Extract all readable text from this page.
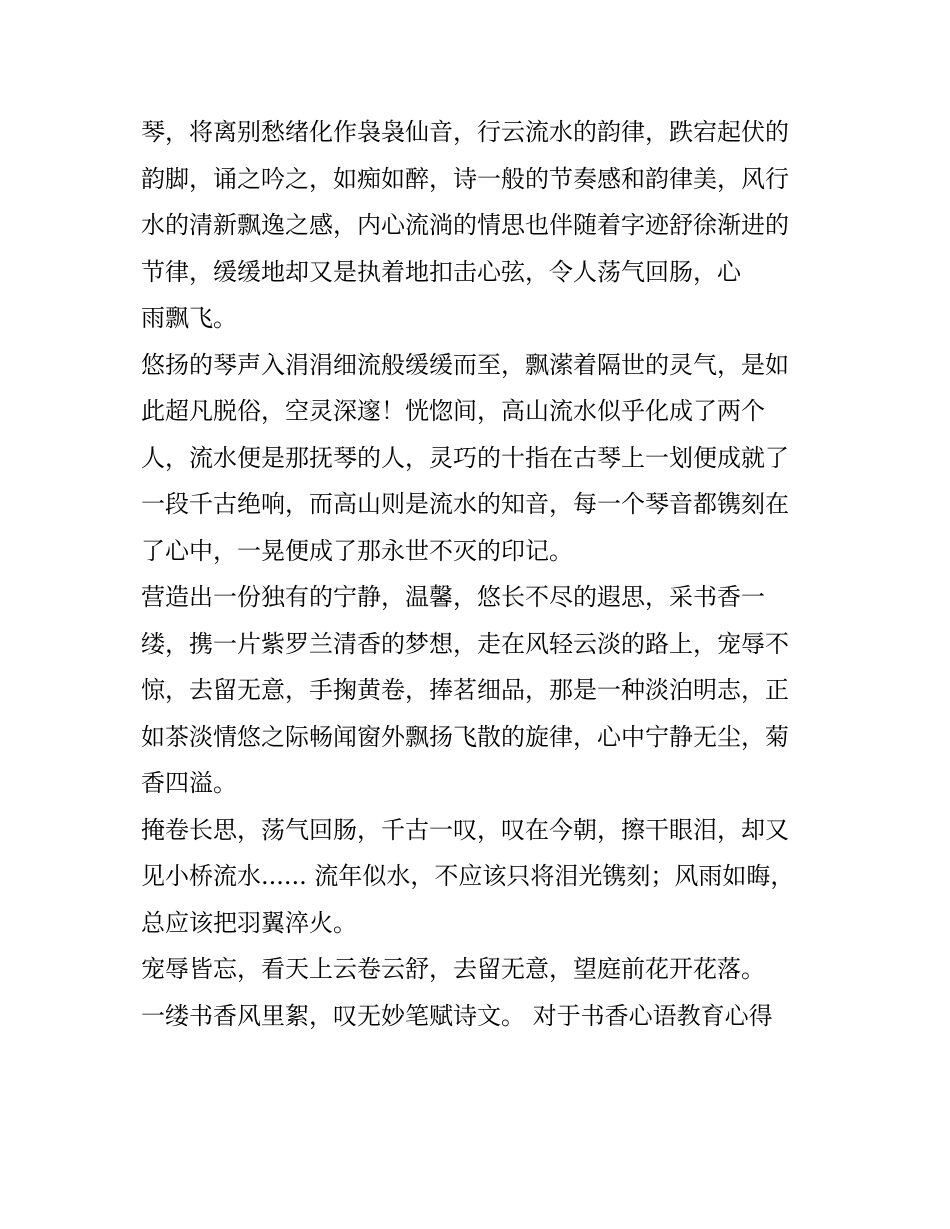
琴，将离别愁绪化作袅袅仙音，行云流水的韵律，跌宕起伏的
韵脚，诵之吟之，如痴如醉，诗一般的节奏感和韵律美，风行
水的清新飘逸之感，内心流淌的情思也伴随着字迹舒徐渐进的
节律，缓缓地却又是执着地扣击心弦，令人荡气回肠，心
雨飘飞。
悠扬的琴声入涓涓细流般缓缓而至，飘潆着隔世的灵气，是如
此超凡脱俗，空灵深邃！恍惚间，高山流水似乎化成了两个
人，流水便是那抚琴的人，灵巧的十指在古琴上一划便成就了
一段千古绝响，而高山则是流水的知音，每一个琴音都镌刻在
了心中，一晃便成了那永世不灭的印记。
营造出一份独有的宁静，温馨，悠长不尽的遐思，采书香一
缕，携一片紫罗兰清香的梦想，走在风轻云淡的路上，宠辱不
惊，去留无意，手掬黄卷，捧茗细品，那是一种淡泊明志，正
如茶淡情悠之际畅闻窗外飘扬飞散的旋律，心中宁静无尘，菊
香四溢。
掩卷长思，荡气回肠，千古一叹，叹在今朝，擦干眼泪，却又
见小桥流水...... 流年似水，不应该只将泪光镌刻；风雨如晦，
总应该把羽翼淬火。
宠辱皆忘，看天上云卷云舒，去留无意，望庭前花开花落。
一缕书香风里絮，叹无妙笔赋诗文。 对于书香心语教育心得
